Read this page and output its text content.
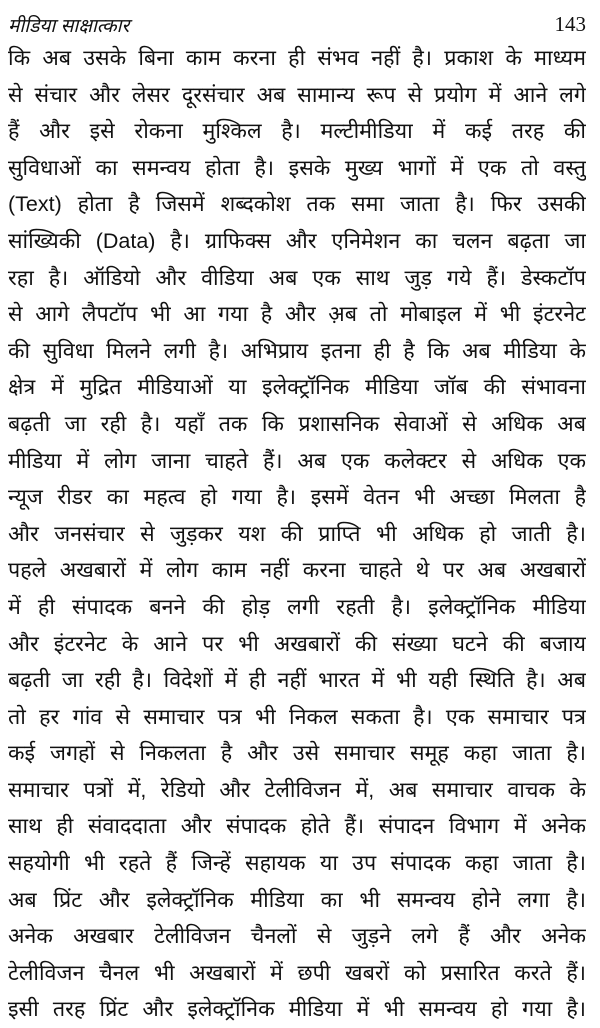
मीडिया साक्षात्कार	143
कि अब उसके बिना काम करना ही संभव नहीं है। प्रकाश के माध्यम
से संचार और लेसर दूरसंचार अब सामान्य रूप से प्रयोग में आने लगे
हैं और इसे रोकना मुश्किल है। मल्टीमीडिया में कई तरह की
सुविधाओं का समन्वय होता है। इसके मुख्य भागों में एक तो वस्तु
(Text) होता है जिसमें शब्दकोश तक समा जाता है। फिर उसकी
सांख्यिकी (Data) है। ग्राफिक्स और एनिमेशन का चलन बढ़ता जा
रहा है। ऑडियो और वीडिया अब एक साथ जुड़ गये हैं। डेस्कटॉप
से आगे लैपटॉप भी आ गया है और अ़ब तो मोबाइल में भी इंटरनेट
की सुविधा मिलने लगी है। अभिप्राय इतना ही है कि अब मीडिया के
क्षेत्र में मुद्रित मीडियाओं या इलेक्ट्रॉनिक मीडिया जॉब की संभावना
बढ़ती जा रही है। यहाँ तक कि प्रशासनिक सेवाओं से अधिक अब
मीडिया में लोग जाना चाहते हैं। अब एक कलेक्टर से अधिक एक
न्यूज रीडर का महत्व हो गया है। इसमें वेतन भी अच्छा मिलता है
और जनसंचार से जुड़कर यश की प्राप्ति भी अधिक हो जाती है।
पहले अखबारों में लोग काम नहीं करना चाहते थे पर अब अखबारों
में ही संपादक बनने की होड़ लगी रहती है। इलेक्ट्रॉनिक मीडिया
और इंटरनेट के आने पर भी अखबारों की संख्या घटने की बजाय
बढ़ती जा रही है। विदेशों में ही नहीं भारत में भी यही स्थिति है। अब
तो हर गांव से समाचार पत्र भी निकल सकता है। एक समाचार पत्र
कई जगहों से निकलता है और उसे समाचार समूह कहा जाता है।
समाचार पत्रों में, रेडियो और टेलीविजन में, अब समाचार वाचक के
साथ ही संवाददाता और संपादक होते हैं। संपादन विभाग में अनेक
सहयोगी भी रहते हैं जिन्हें सहायक या उप संपादक कहा जाता है।
अब प्रिंट और इलेक्ट्रॉनिक मीडिया का भी समन्वय होने लगा है।
अनेक अखबार टेलीविजन चैनलों से जुड़ने लगे हैं और अनेक
टेलीविजन चैनल भी अखबारों में छपी खबरों को प्रसारित करते हैं।
इसी तरह प्रिंट और इलेक्ट्रॉनिक मीडिया में भी समन्वय हो गया है।
